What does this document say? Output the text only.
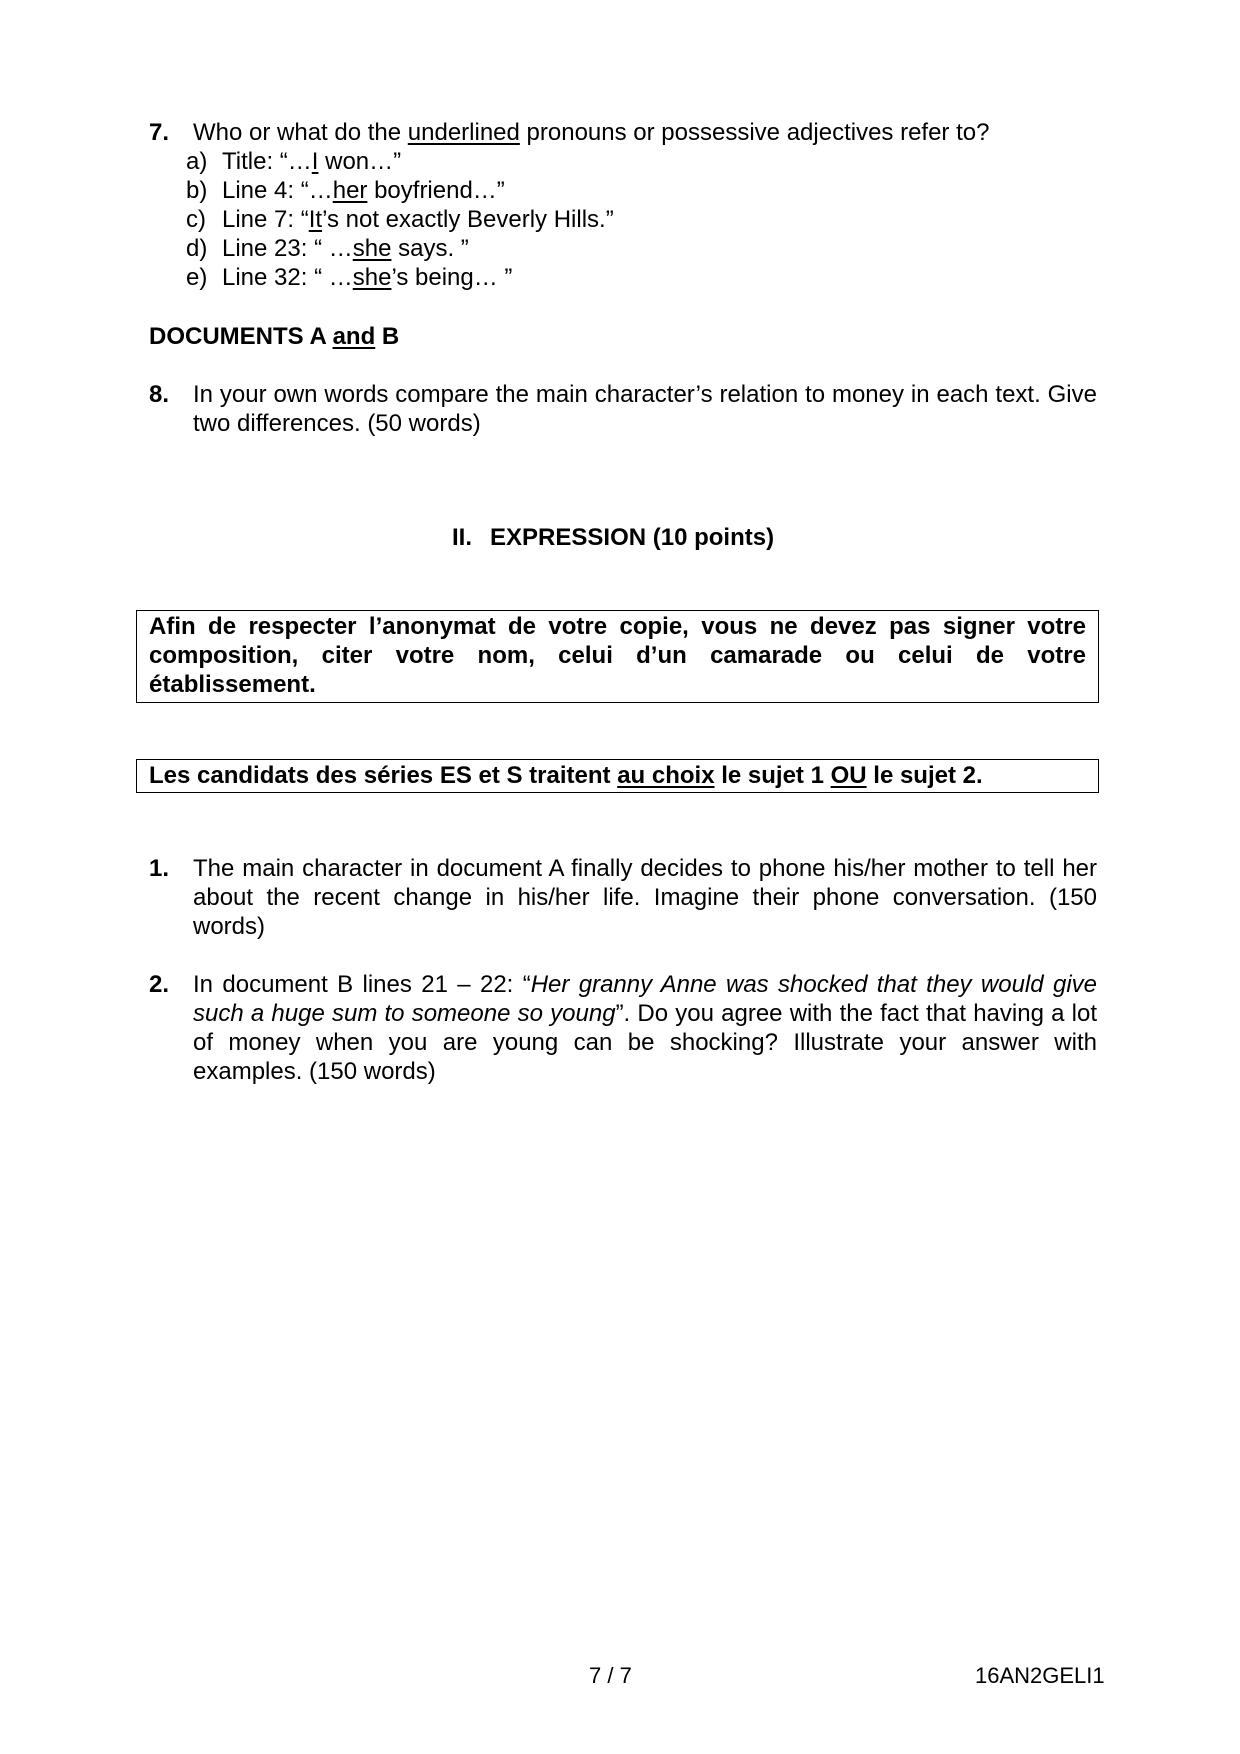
7. Who or what do the underlined pronouns or possessive adjectives refer to?
a) Title: “…I won…”
b) Line 4: “…her boyfriend…”
c) Line 7: “It’s not exactly Beverly Hills.”
d) Line 23: “ …she says. ”
e) Line 32: “ …she’s being… ”
DOCUMENTS A and B
8. In your own words compare the main character’s relation to money in each text. Give two differences. (50 words)
II. EXPRESSION (10 points)
Afin de respecter l’anonymat de votre copie, vous ne devez pas signer votre composition, citer votre nom, celui d’un camarade ou celui de votre établissement.
Les candidats des séries ES et S traitent au choix le sujet 1 OU le sujet 2.
1. The main character in document A finally decides to phone his/her mother to tell her about the recent change in his/her life. Imagine their phone conversation. (150 words)
2. In document B lines 21 – 22: “Her granny Anne was shocked that they would give such a huge sum to someone so young”. Do you agree with the fact that having a lot of money when you are young can be shocking? Illustrate your answer with examples. (150 words)
7 / 7	16AN2GELI1
